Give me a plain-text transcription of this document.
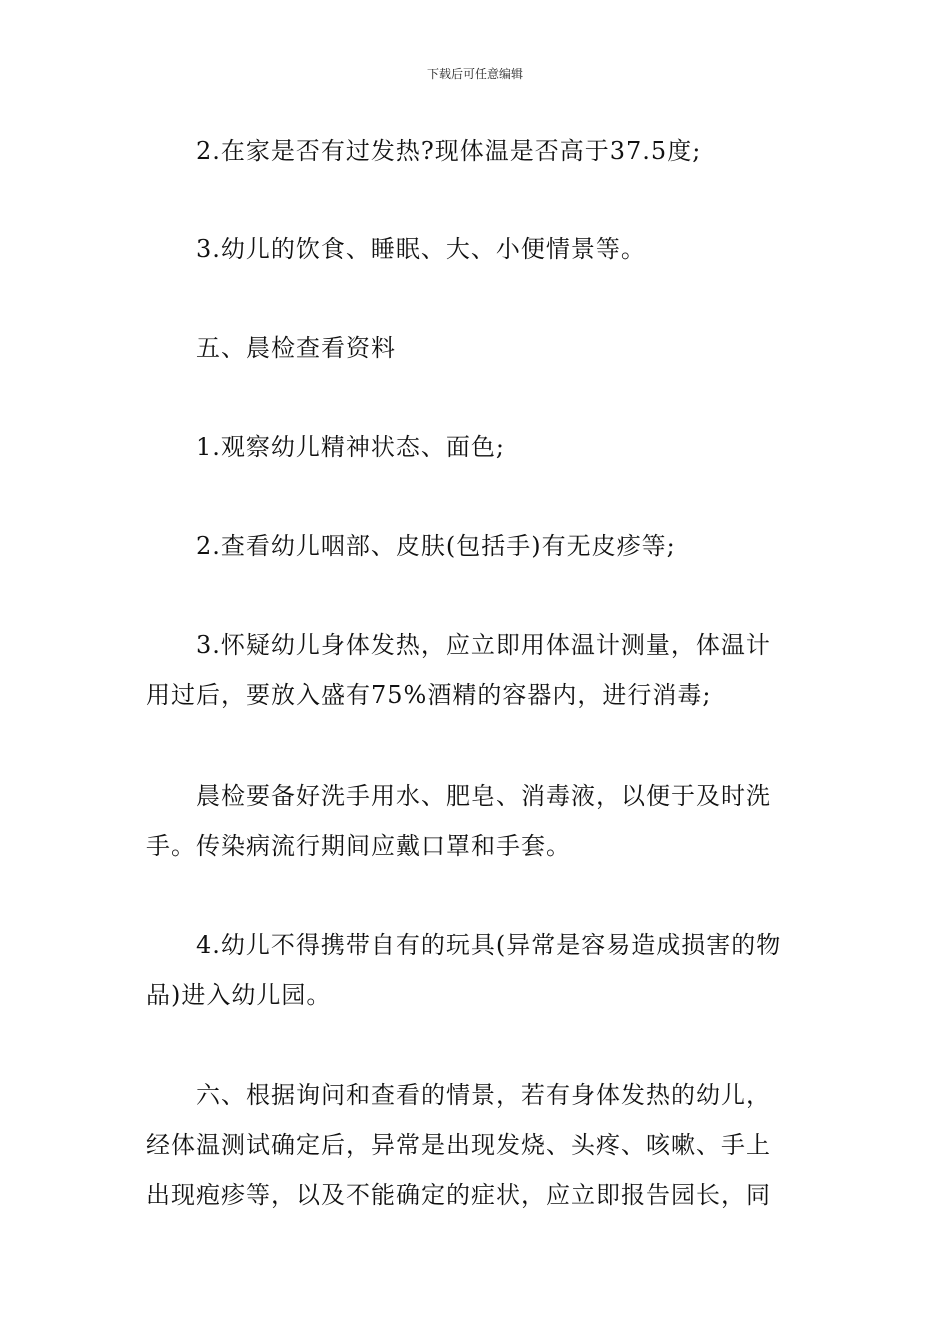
下载后可任意编辑

2.在家是否有过发热?现体温是否高于37.5度;

3.幼儿的饮食、睡眠、大、小便情景等。

五、晨检查看资料

1.观察幼儿精神状态、面色;

2.查看幼儿咽部、皮肤(包括手)有无皮疹等;

3.怀疑幼儿身体发热，应立即用体温计测量，体温计
用过后，要放入盛有75%酒精的容器内，进行消毒;

晨检要备好洗手用水、肥皂、消毒液，以便于及时洗
手。传染病流行期间应戴口罩和手套。

4.幼儿不得携带自有的玩具(异常是容易造成损害的物
品)进入幼儿园。

六、根据询问和查看的情景，若有身体发热的幼儿，
经体温测试确定后，异常是出现发烧、头疼、咳嗽、手上
出现疱疹等，以及不能确定的症状，应立即报告园长，同
